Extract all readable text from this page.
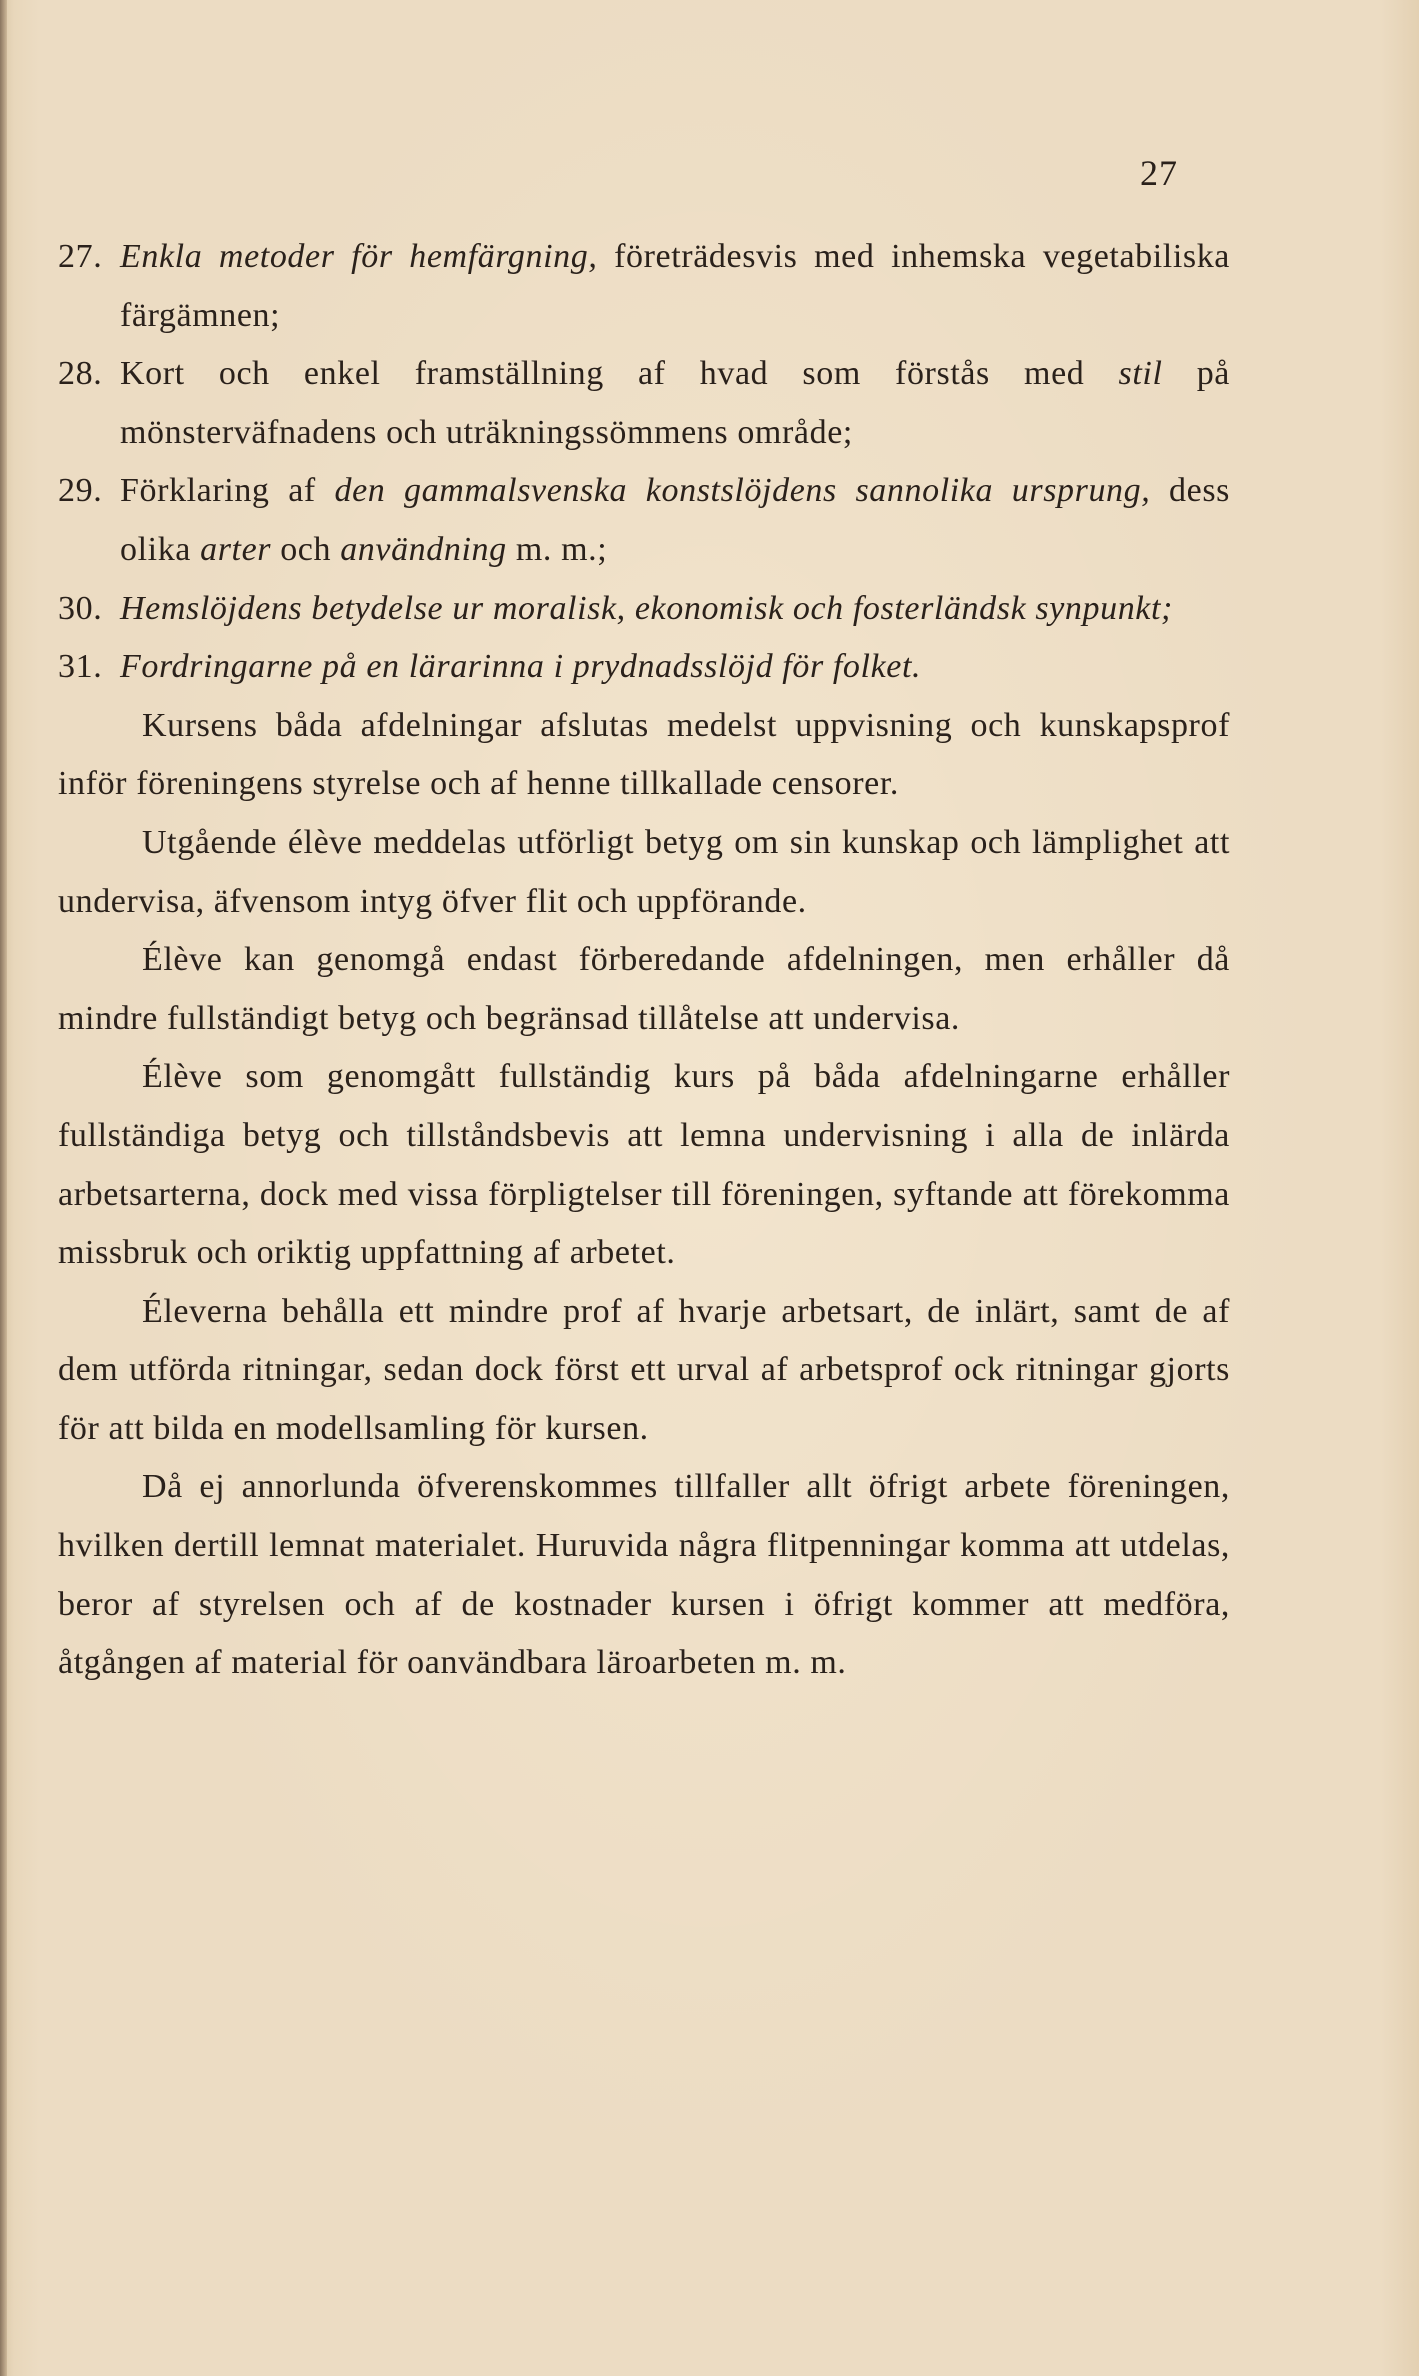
27
27. Enkla metoder för hemfärgning, företrädesvis med inhemska vegetabiliska färgämnen;
28. Kort och enkel framställning af hvad som förstås med stil på mönsterväfnadens och uträkningssömmens område;
29. Förklaring af den gammalsvenska konstslöjdens sannolika ursprung, dess olika arter och användning m. m.;
30. Hemslöjdens betydelse ur moralisk, ekonomisk och fosterländsk synpunkt;
31. Fordringarne på en lärarinna i prydnadsslöjd för folket.
Kursens båda afdelningar afslutas medelst uppvisning och kunskapsprof inför föreningens styrelse och af henne tillkallade censorer.
Utgående élève meddelas utförligt betyg om sin kunskap och lämplighet att undervisa, äfvensom intyg öfver flit och uppförande.
Élève kan genomgå endast förberedande afdelningen, men erhåller då mindre fullständigt betyg och begränsad tillåtelse att undervisa.
Élève som genomgått fullständig kurs på båda afdelningarne erhåller fullständiga betyg och tillståndsbevis att lemna undervisning i alla de inlärda arbetsarterna, dock med vissa förpligtelser till föreningen, syftande att förekomma missbruk och oriktig uppfattning af arbetet.
Éleverna behålla ett mindre prof af hvarje arbetsart, de inlärt, samt de af dem utförda ritningar, sedan dock först ett urval af arbetsprof ock ritningar gjorts för att bilda en modellsamling för kursen.
Då ej annorlunda öfverenskommes tillfaller allt öfrigt arbete föreningen, hvilken dertill lemnat materialet. Huruvida några flitpenningar komma att utdelas, beror af styrelsen och af de kostnader kursen i öfrigt kommer att medföra, åtgången af material för oanvändbara läroarbeten m. m.
